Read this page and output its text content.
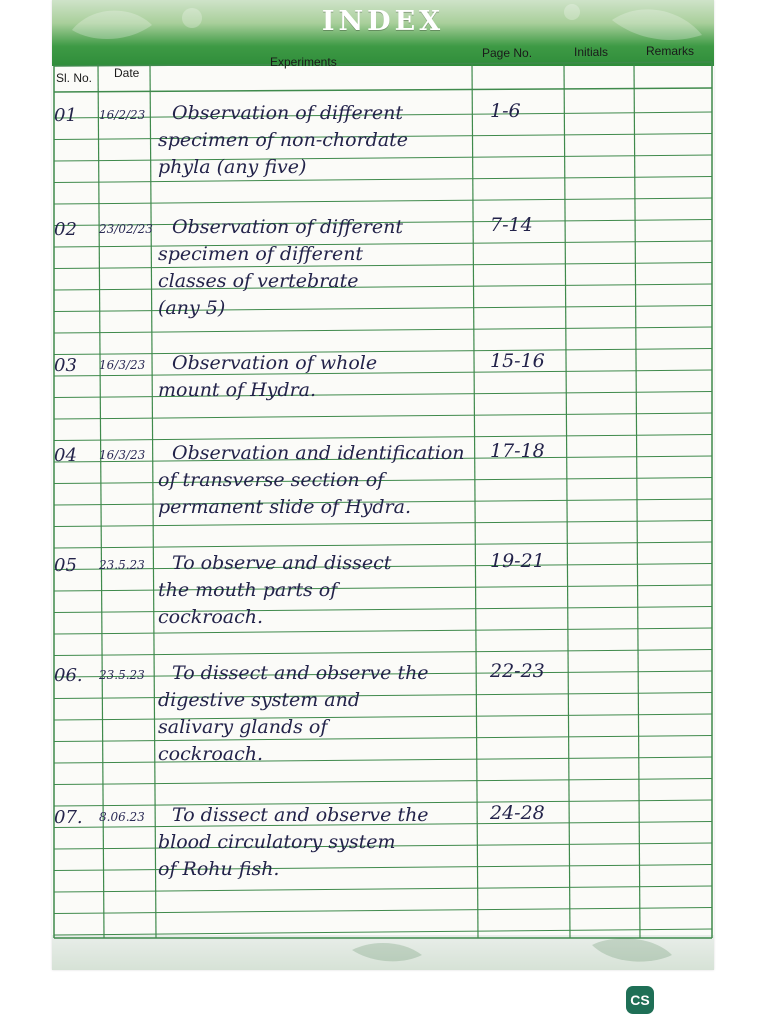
INDEX
Sl. No. Date
Experiments
Page No.	Initials	Remarks
01 16/2/23 Observation of different
specimen of non-chordate
phyla (any five)
1-6
02 23/02/23 Observation of different
specimen of different
classes of vertebrate
(any 5)
7-14
03 16/3/23 Observation of whole
mount of Hydra.
15-16
04 16/3/23 Observation and identification
of transverse section of
permanent slide of Hydra.
17-18
05 23.5.23 To observe and dissect
the mouth parts of
cockroach.
19-21
06. 23.5.23 To dissect and observe the
digestive system and
salivary glands of
cockroach.
22-23
07. 8.06.23 To dissect and observe the
blood circulatory system
of Rohu fish.
24-28
CS
